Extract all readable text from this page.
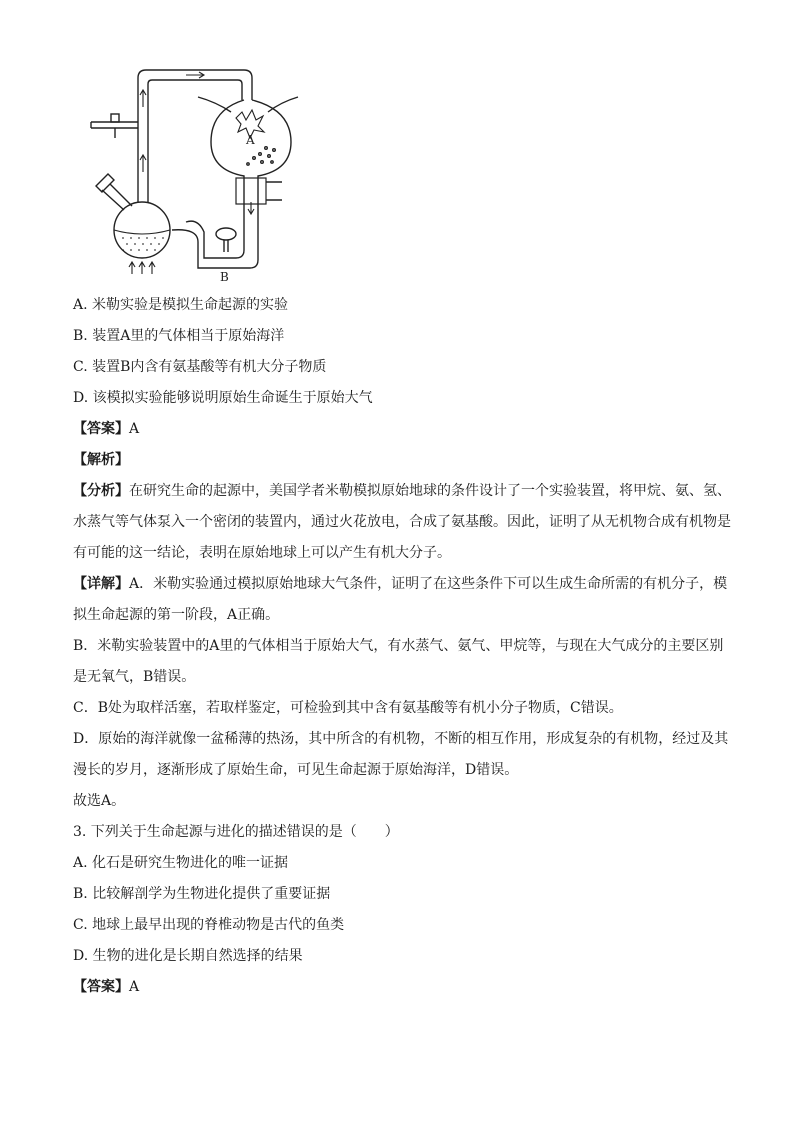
A
B
A. 米勒实验是模拟生命起源的实验
B. 装置A里的气体相当于原始海洋
C. 装置B内含有氨基酸等有机大分子物质
D. 该模拟实验能够说明原始生命诞生于原始大气
【答案】A
【解析】
【分析】在研究生命的起源中，美国学者米勒模拟原始地球的条件设计了一个实验装置，将甲烷、氨、氢、水蒸气等气体泵入一个密闭的装置内，通过火花放电，合成了氨基酸。因此，证明了从无机物合成有机物是有可能的这一结论，表明在原始地球上可以产生有机大分子。
【详解】A．米勒实验通过模拟原始地球大气条件，证明了在这些条件下可以生成生命所需的有机分子，模拟生命起源的第一阶段，A正确。
B．米勒实验装置中的A里的气体相当于原始大气，有水蒸气、氨气、甲烷等，与现在大气成分的主要区别是无氧气，B错误。
C．B处为取样活塞，若取样鉴定，可检验到其中含有氨基酸等有机小分子物质，C错误。
D．原始的海洋就像一盆稀薄的热汤，其中所含的有机物，不断的相互作用，形成复杂的有机物，经过及其漫长的岁月，逐渐形成了原始生命，可见生命起源于原始海洋，D错误。
故选A。
3. 下列关于生命起源与进化的描述错误的是（　　）
A. 化石是研究生物进化的唯一证据
B. 比较解剖学为生物进化提供了重要证据
C. 地球上最早出现的脊椎动物是古代的鱼类
D. 生物的进化是长期自然选择的结果
【答案】A
